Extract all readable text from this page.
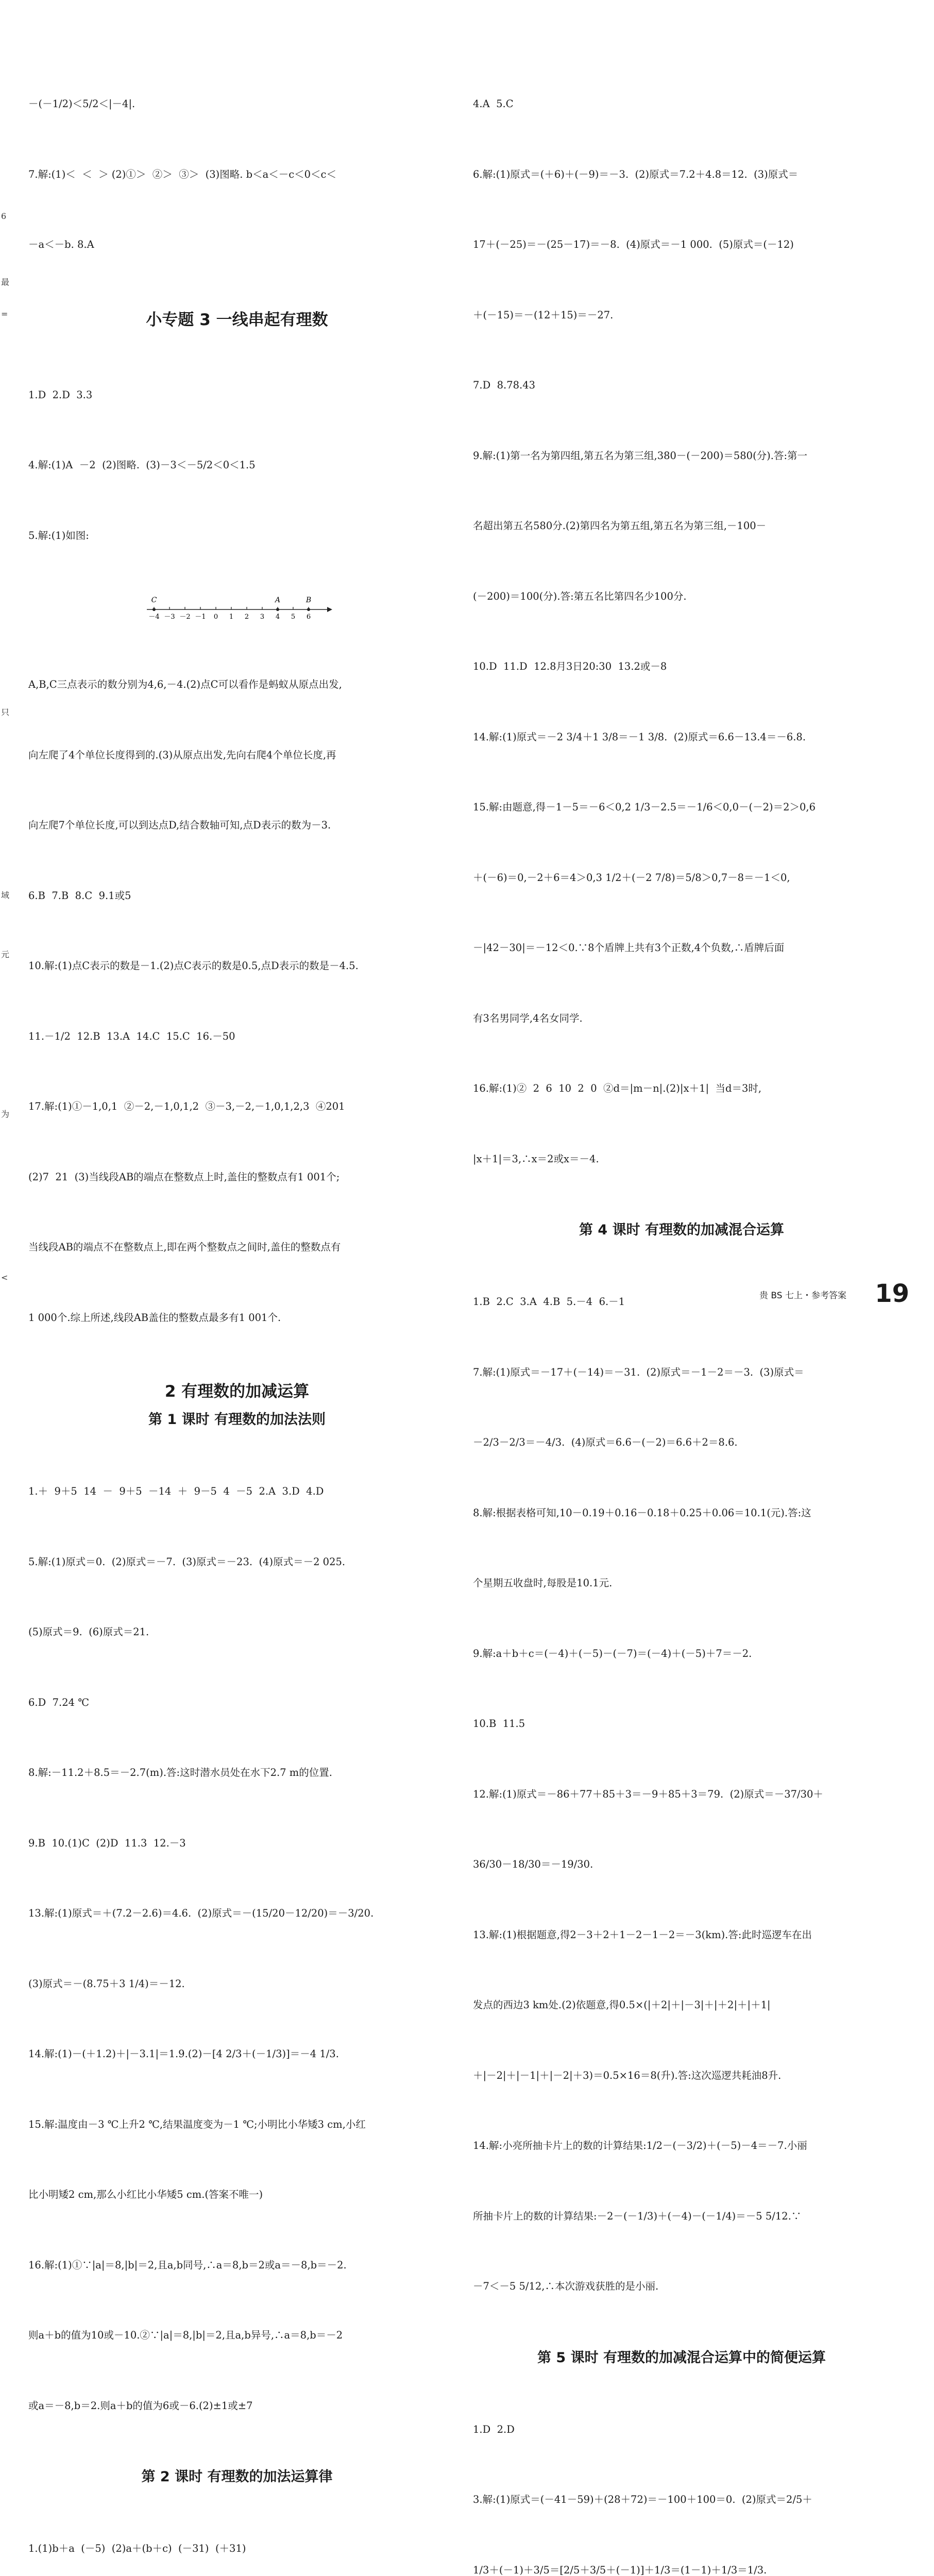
6
最
=
只
域
元
为
<

－(－1/2)＜5/2＜|－4|.

7.解:(1)＜  ＜  ＞ (2)①＞  ②＞  ③＞  (3)图略. b＜a＜－c＜0＜c＜

－a＜－b. 8.A

小专题 3 一线串起有理数

1.D  2.D  3.3

4.解:(1)A  －2  (2)图略.  (3)－3＜－5/2＜0＜1.5

5.解:(1)如图:

－4 －3 －2 －1 0 1 2 3 4 5 6
C	A	B

A,B,C三点表示的数分别为4,6,－4.(2)点C可以看作是蚂蚁从原点出发,

向左爬了4个单位长度得到的.(3)从原点出发,先向右爬4个单位长度,再

向左爬7个单位长度,可以到达点D,结合数轴可知,点D表示的数为－3.

6.B  7.B  8.C  9.1或5

10.解:(1)点C表示的数是－1.(2)点C表示的数是0.5,点D表示的数是－4.5.

11.－1/2  12.B  13.A  14.C  15.C  16.－50

17.解:(1)①－1,0,1  ②－2,－1,0,1,2  ③－3,－2,－1,0,1,2,3  ④201

(2)7  21  (3)当线段AB的端点在整数点上时,盖住的整数点有1 001个;

当线段AB的端点不在整数点上,即在两个整数点之间时,盖住的整数点有

1 000个.综上所述,线段AB盖住的整数点最多有1 001个.

2 有理数的加减运算
第 1 课时 有理数的加法法则

1.＋  9＋5  14  －  9＋5  －14  ＋  9－5  4  －5  2.A  3.D  4.D

5.解:(1)原式＝0.  (2)原式＝－7.  (3)原式＝－23.  (4)原式＝－2 025.

(5)原式＝9.  (6)原式＝21.

6.D  7.24 ℃

8.解:－11.2＋8.5＝－2.7(m).答:这时潜水员处在水下2.7 m的位置.

9.B  10.(1)C  (2)D  11.3  12.－3

13.解:(1)原式＝＋(7.2－2.6)＝4.6.  (2)原式＝－(15/20－12/20)＝－3/20.

(3)原式＝－(8.75＋3 1/4)＝－12.

14.解:(1)－(＋1.2)＋|－3.1|＝1.9.(2)－[4 2/3＋(－1/3)]＝－4 1/3.

15.解:温度由－3 ℃上升2 ℃,结果温度变为－1 ℃;小明比小华矮3 cm,小红

比小明矮2 cm,那么小红比小华矮5 cm.(答案不唯一)

16.解:(1)①∵|a|＝8,|b|＝2,且a,b同号,∴a＝8,b＝2或a＝－8,b＝－2.

则a＋b的值为10或－10.②∵|a|＝8,|b|＝2,且a,b异号,∴a＝8,b＝－2

或a＝－8,b＝2.则a＋b的值为6或－6.(2)±1或±7

第 2 课时 有理数的加法运算律

1.(1)b＋a  (－5)  (2)a＋(b＋c)  (－31)  (＋31)

4.A  5.C

6.解:(1)原式＝(＋6)＋(－9)＝－3.  (2)原式＝7.2＋4.8＝12.  (3)原式＝

17＋(－25)＝－(25－17)＝－8.  (4)原式＝－1 000.  (5)原式＝(－12)

＋(－15)＝－(12＋15)＝－27.

7.D  8.78.43

9.解:(1)第一名为第四组,第五名为第三组,380－(－200)＝580(分).答:第一

名超出第五名580分.(2)第四名为第五组,第五名为第三组,－100－

(－200)＝100(分).答:第五名比第四名少100分.

10.D  11.D  12.8月3日20:30  13.2或－8

14.解:(1)原式＝－2 3/4＋1 3/8＝－1 3/8.  (2)原式＝6.6－13.4＝－6.8.

15.解:由题意,得－1－5＝－6＜0,2 1/3－2.5＝－1/6＜0,0－(－2)＝2＞0,6

＋(－6)＝0,－2＋6＝4＞0,3 1/2＋(－2 7/8)＝5/8＞0,7－8＝－1＜0,

－|42－30|＝－12＜0.∵8个盾牌上共有3个正数,4个负数,∴盾牌后面

有3名男同学,4名女同学.

16.解:(1)②  2  6  10  2  0  ②d＝|m－n|.(2)|x＋1|  当d＝3时,

|x＋1|＝3,∴x＝2或x＝－4.

第 4 课时 有理数的加减混合运算

1.B  2.C  3.A  4.B  5.－4  6.－1

7.解:(1)原式＝－17＋(－14)＝－31.  (2)原式＝－1－2＝－3.  (3)原式＝

－2/3－2/3＝－4/3.  (4)原式＝6.6－(－2)＝6.6＋2＝8.6.

8.解:根据表格可知,10－0.19＋0.16－0.18＋0.25＋0.06＝10.1(元).答:这

个星期五收盘时,每股是10.1元.

9.解:a＋b＋c＝(－4)＋(－5)－(－7)＝(－4)＋(－5)＋7＝－2.

10.B  11.5

12.解:(1)原式＝－86＋77＋85＋3＝－9＋85＋3＝79.  (2)原式＝－37/30＋

36/30－18/30＝－19/30.

13.解:(1)根据题意,得2－3＋2＋1－2－1－2＝－3(km).答:此时巡逻车在出

发点的西边3 km处.(2)依题意,得0.5×(|＋2|＋|－3|＋|＋2|＋|＋1|

＋|－2|＋|－1|＋|－2|＋3)＝0.5×16＝8(升).答:这次巡逻共耗油8升.

14.解:小亮所抽卡片上的数的计算结果:1/2－(－3/2)＋(－5)－4＝－7.小丽

所抽卡片上的数的计算结果:－2－(－1/3)＋(－4)－(－1/4)＝－5 5/12.∵

－7＜－5 5/12,∴本次游戏获胜的是小丽.

第 5 课时 有理数的加减混合运算中的简便运算

1.D  2.D

3.解:(1)原式＝(－41－59)＋(28＋72)＝－100＋100＝0.  (2)原式＝2/5＋

1/3＋(－1)＋3/5＝[2/5＋3/5＋(－1)]＋1/3＝(1－1)＋1/3＝1/3.

贵 BS 七上・参考答案 19
